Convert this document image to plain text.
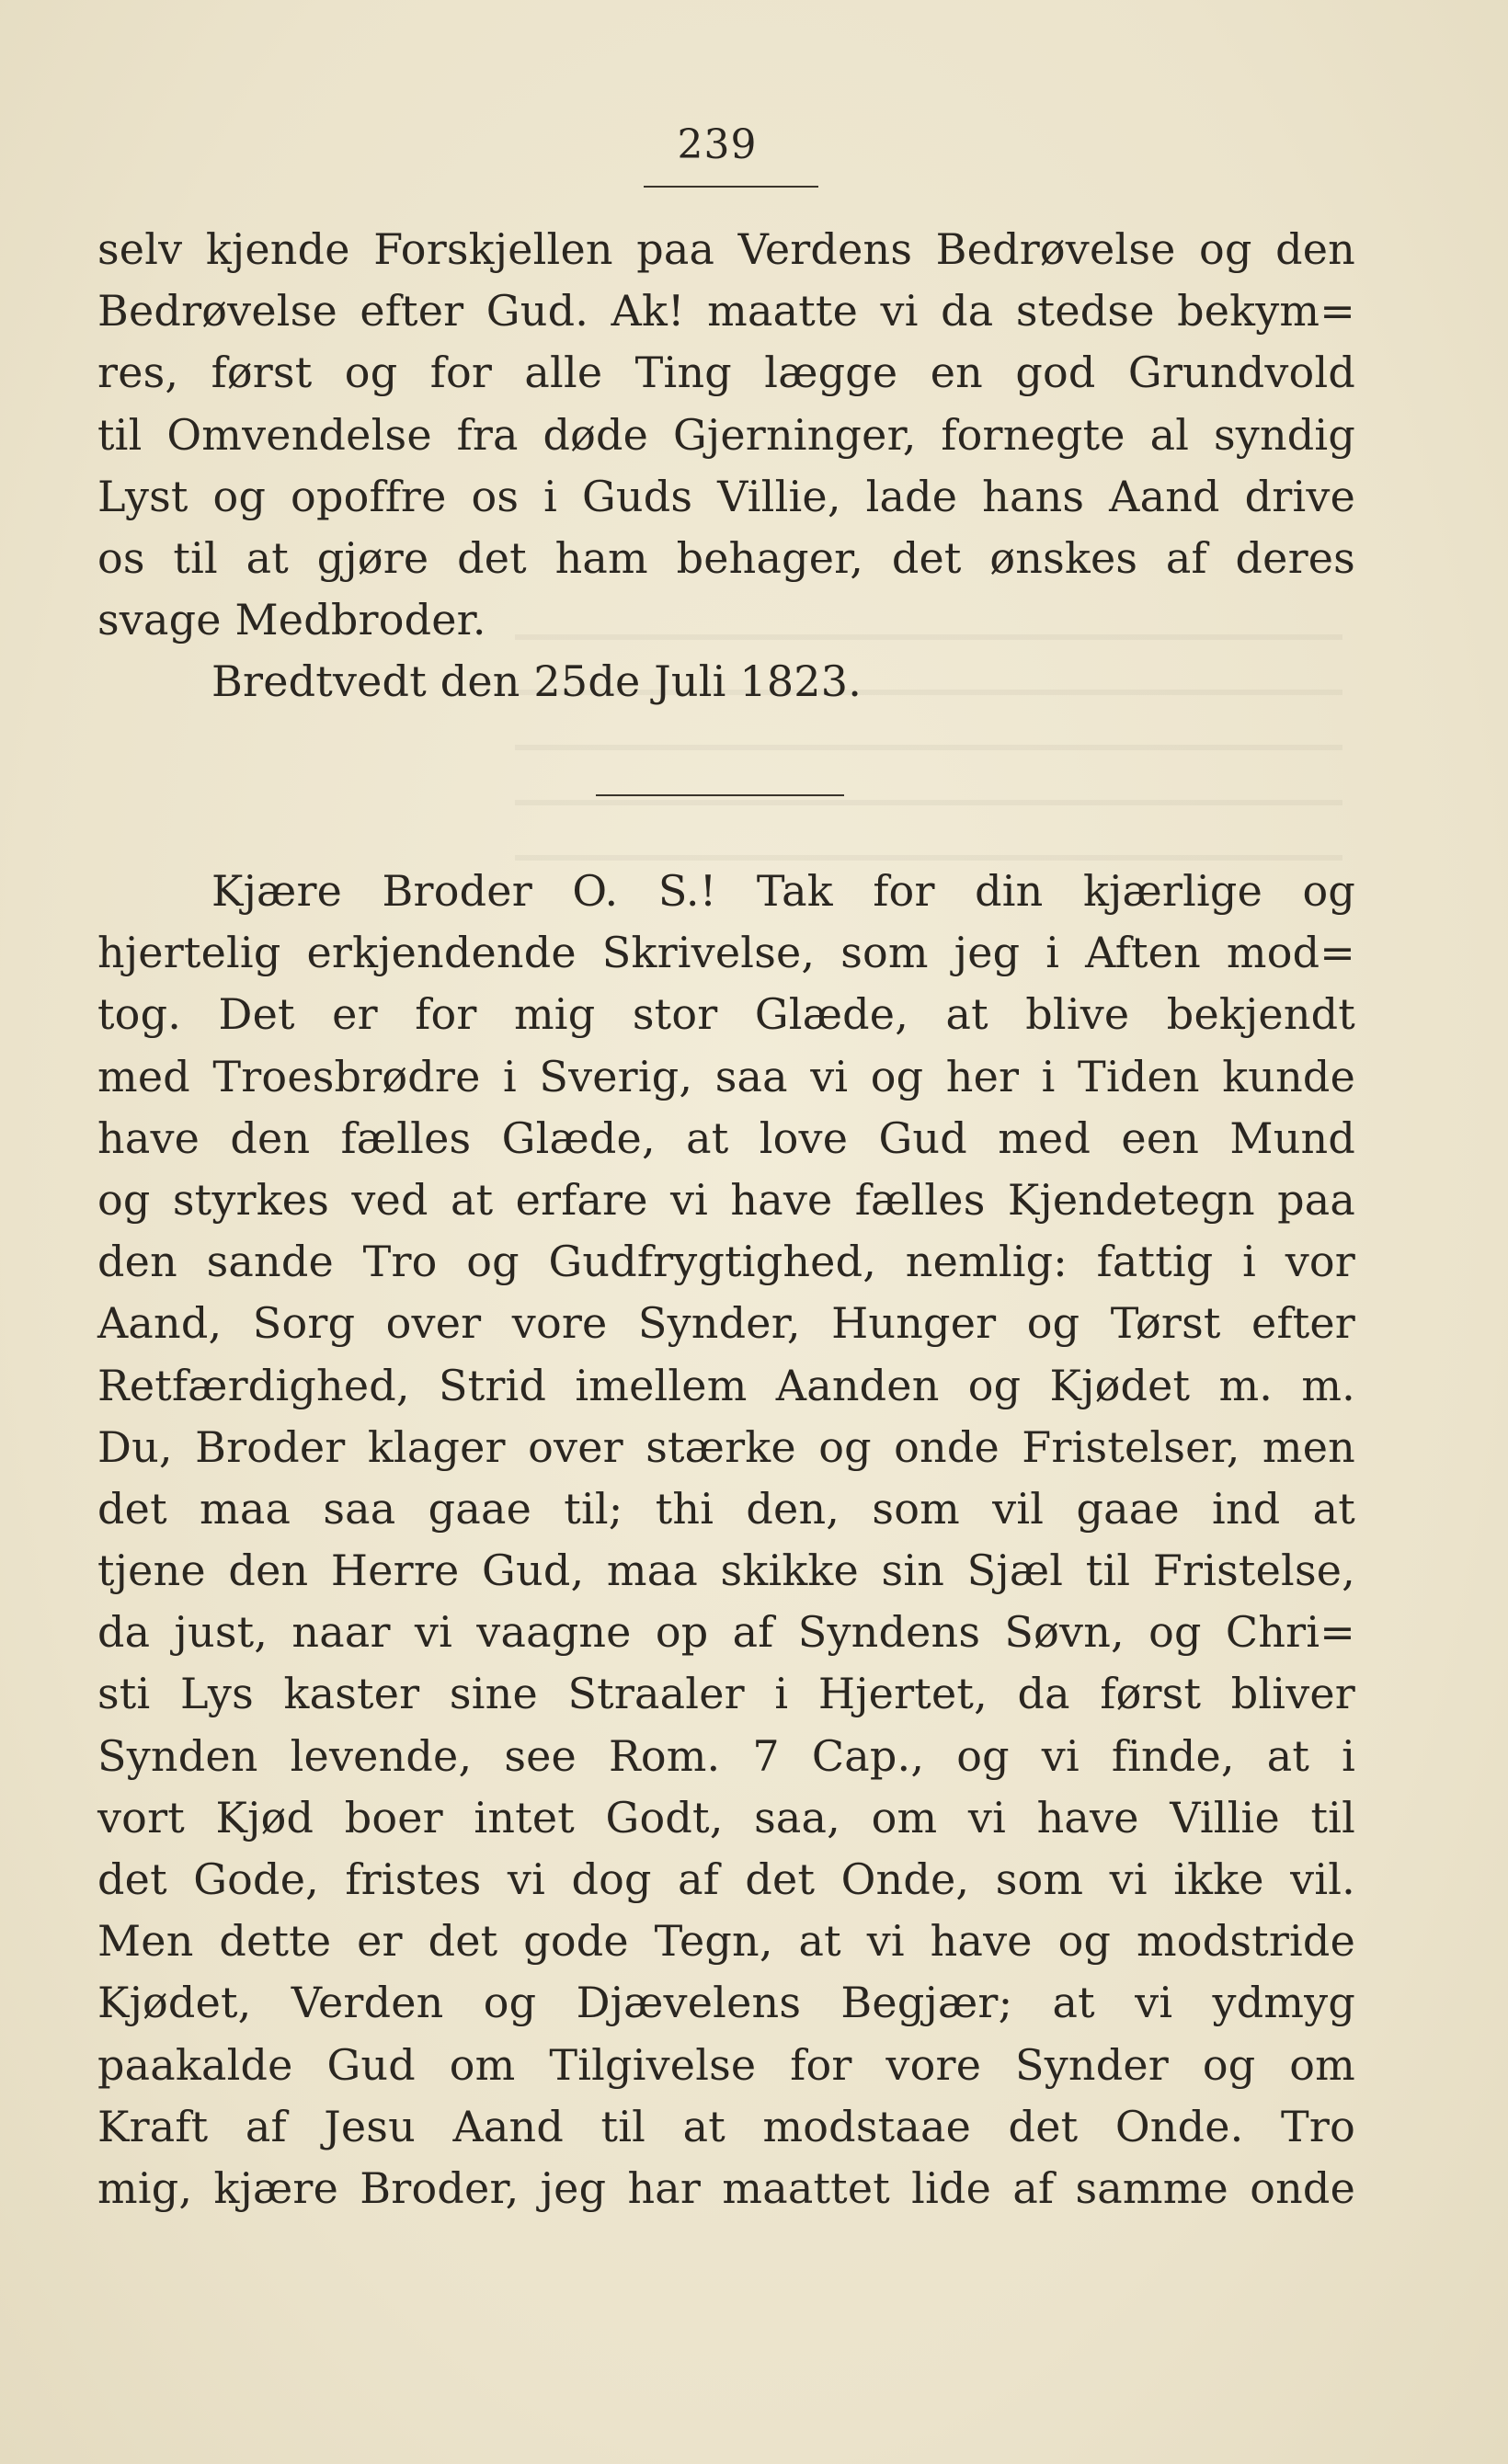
239
selv kjende Forskjellen paa Verdens Bedrøvelse og den
Bedrøvelse efter Gud. Ak! maatte vi da stedse bekym=
res, først og for alle Ting lægge en god Grundvold
til Omvendelse fra døde Gjerninger, fornegte al syndig
Lyst og opoffre os i Guds Villie, lade hans Aand drive
os til at gjøre det ham behager, det ønskes af deres
svage Medbroder.
Bredtvedt den 25de Juli 1823.
Kjære Broder O. S.! Tak for din kjærlige og
hjertelig erkjendende Skrivelse, som jeg i Aften mod=
tog. Det er for mig stor Glæde, at blive bekjendt
med Troesbrødre i Sverig, saa vi og her i Tiden kunde
have den fælles Glæde, at love Gud med een Mund
og styrkes ved at erfare vi have fælles Kjendetegn paa
den sande Tro og Gudfrygtighed, nemlig: fattig i vor
Aand, Sorg over vore Synder, Hunger og Tørst efter
Retfærdighed, Strid imellem Aanden og Kjødet m. m.
Du, Broder klager over stærke og onde Fristelser, men
det maa saa gaae til; thi den, som vil gaae ind at
tjene den Herre Gud, maa skikke sin Sjæl til Fristelse,
da just, naar vi vaagne op af Syndens Søvn, og Chri=
sti Lys kaster sine Straaler i Hjertet, da først bliver
Synden levende, see Rom. 7 Cap., og vi finde, at i
vort Kjød boer intet Godt, saa, om vi have Villie til
det Gode, fristes vi dog af det Onde, som vi ikke vil.
Men dette er det gode Tegn, at vi have og modstride
Kjødet, Verden og Djævelens Begjær; at vi ydmyg
paakalde Gud om Tilgivelse for vore Synder og om
Kraft af Jesu Aand til at modstaae det Onde. Tro
mig, kjære Broder, jeg har maattet lide af samme onde
